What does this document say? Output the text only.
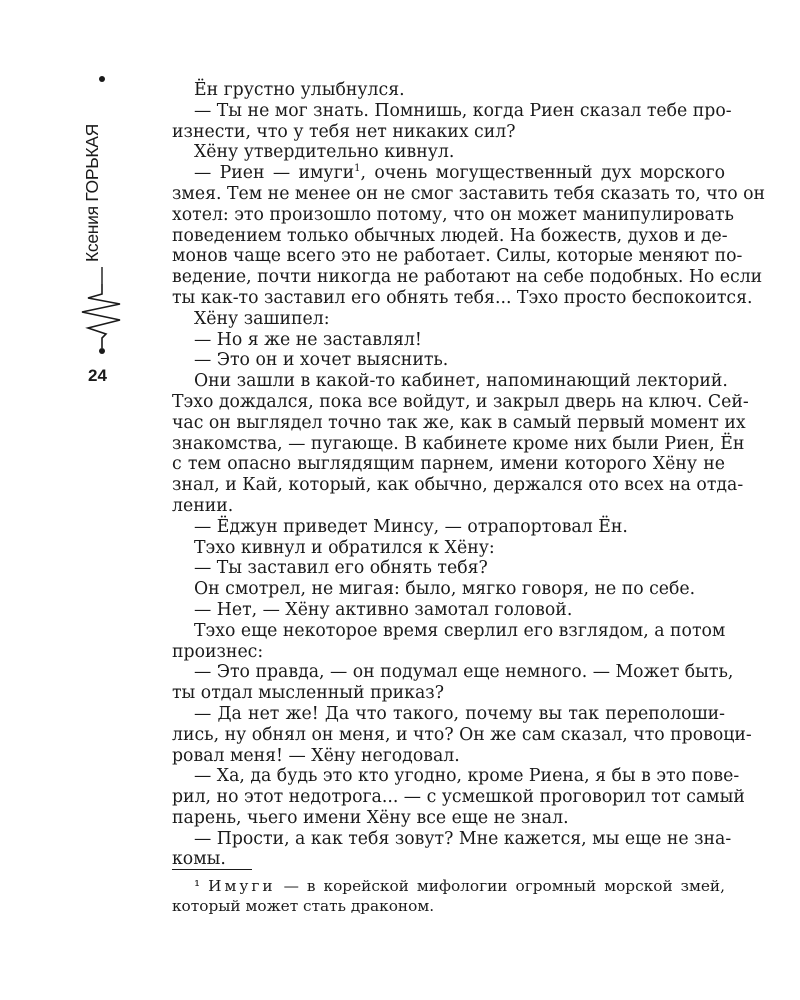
Ксения ГОРЬКАЯ
24
Ён грустно улыбнулся.
— Ты не мог знать. Помнишь, когда Риен сказал тебе про-
изнести, что у тебя нет никаких сил?
Хёну утвердительно кивнул.
— Риен — имуги$^1$, очень могущественный дух морского
змея. Тем не менее он не смог заставить тебя сказать то, что он
хотел: это произошло потому, что он может манипулировать
поведением только обычных людей. На божеств, духов и де-
монов чаще всего это не работает. Силы, которые меняют по-
ведение, почти никогда не работают на себе подобных. Но если
ты как-то заставил его обнять тебя... Тэхо просто беспокоится.
Хёну зашипел:
— Но я же не заставлял!
— Это он и хочет выяснить.
Они зашли в какой-то кабинет, напоминающий лекторий.
Тэхо дождался, пока все войдут, и закрыл дверь на ключ. Сей-
час он выглядел точно так же, как в самый первый момент их
знакомства, — пугающе. В кабинете кроме них были Риен, Ён
с тем опасно выглядящим парнем, имени которого Хёну не
знал, и Кай, который, как обычно, держался ото всех на отда-
лении.
— Ёджун приведет Минсу, — отрапортовал Ён.
Тэхо кивнул и обратился к Хёну:
— Ты заставил его обнять тебя?
Он смотрел, не мигая: было, мягко говоря, не по себе.
— Нет, — Хёну активно замотал головой.
Тэхо еще некоторое время сверлил его взглядом, а потом
произнес:
— Это правда, — он подумал еще немного. — Может быть,
ты отдал мысленный приказ?
— Да нет же! Да что такого, почему вы так переполоши-
лись, ну обнял он меня, и что? Он же сам сказал, что провоци-
ровал меня! — Хёну негодовал.
— Ха, да будь это кто угодно, кроме Риена, я бы в это пове-
рил, но этот недотрога... — с усмешкой проговорил тот самый
парень, чьего имени Хёну все еще не знал.
— Прости, а как тебя зовут? Мне кажется, мы еще не зна-
комы.
¹ Имуги — в корейской мифологии огромный морской змей,
который может стать драконом.
